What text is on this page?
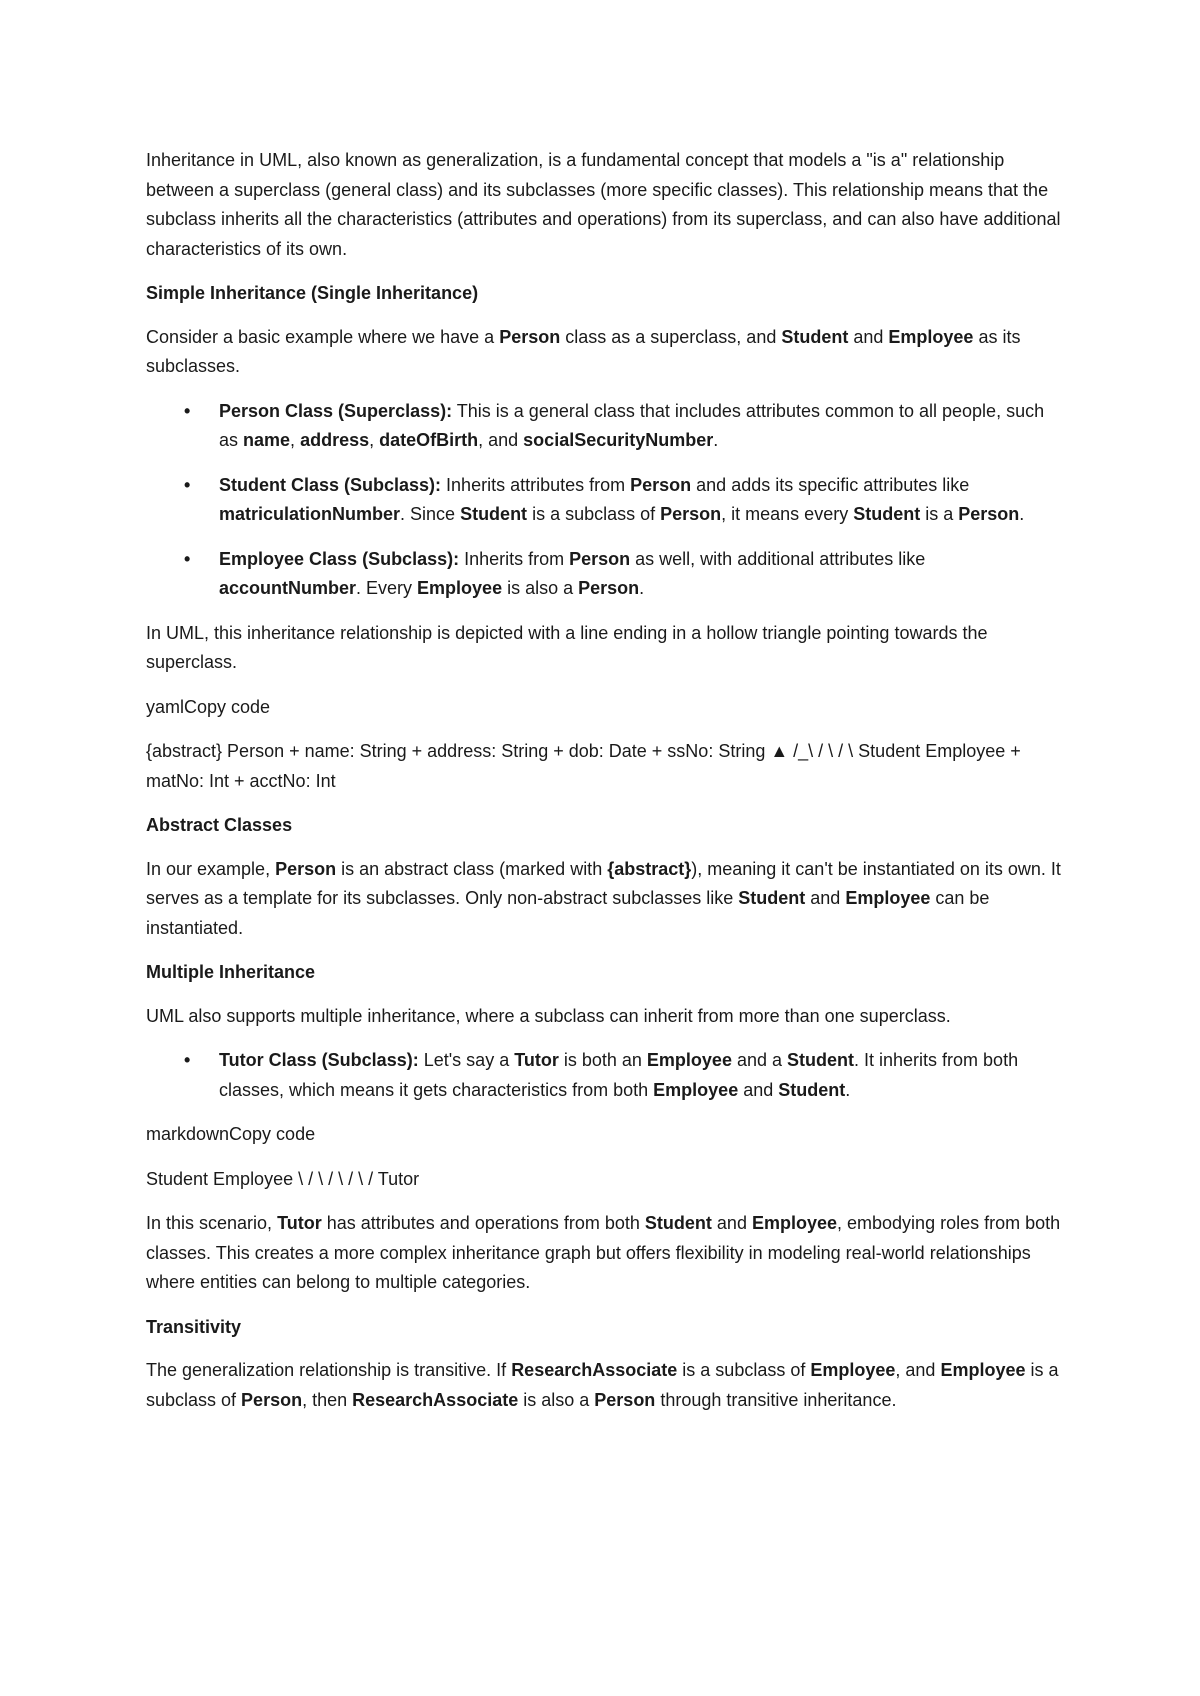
Inheritance in UML, also known as generalization, is a fundamental concept that models a "is a" relationship between a superclass (general class) and its subclasses (more specific classes). This relationship means that the subclass inherits all the characteristics (attributes and operations) from its superclass, and can also have additional characteristics of its own.

Simple Inheritance (Single Inheritance)

Consider a basic example where we have a Person class as a superclass, and Student and Employee as its subclasses.

• Person Class (Superclass): This is a general class that includes attributes common to all people, such as name, address, dateOfBirth, and socialSecurityNumber.
• Student Class (Subclass): Inherits attributes from Person and adds its specific attributes like matriculationNumber. Since Student is a subclass of Person, it means every Student is a Person.
• Employee Class (Subclass): Inherits from Person as well, with additional attributes like accountNumber. Every Employee is also a Person.

In UML, this inheritance relationship is depicted with a line ending in a hollow triangle pointing towards the superclass.

yamlCopy code

{abstract} Person + name: String + address: String + dob: Date + ssNo: String ▲ /_\ / \ / \ Student Employee + matNo: Int + acctNo: Int

Abstract Classes

In our example, Person is an abstract class (marked with {abstract}), meaning it can't be instantiated on its own. It serves as a template for its subclasses. Only non-abstract subclasses like Student and Employee can be instantiated.

Multiple Inheritance

UML also supports multiple inheritance, where a subclass can inherit from more than one superclass.

• Tutor Class (Subclass): Let's say a Tutor is both an Employee and a Student. It inherits from both classes, which means it gets characteristics from both Employee and Student.

markdownCopy code

Student Employee \ / \ / \ / \ / Tutor

In this scenario, Tutor has attributes and operations from both Student and Employee, embodying roles from both classes. This creates a more complex inheritance graph but offers flexibility in modeling real-world relationships where entities can belong to multiple categories.

Transitivity

The generalization relationship is transitive. If ResearchAssociate is a subclass of Employee, and Employee is a subclass of Person, then ResearchAssociate is also a Person through transitive inheritance.
